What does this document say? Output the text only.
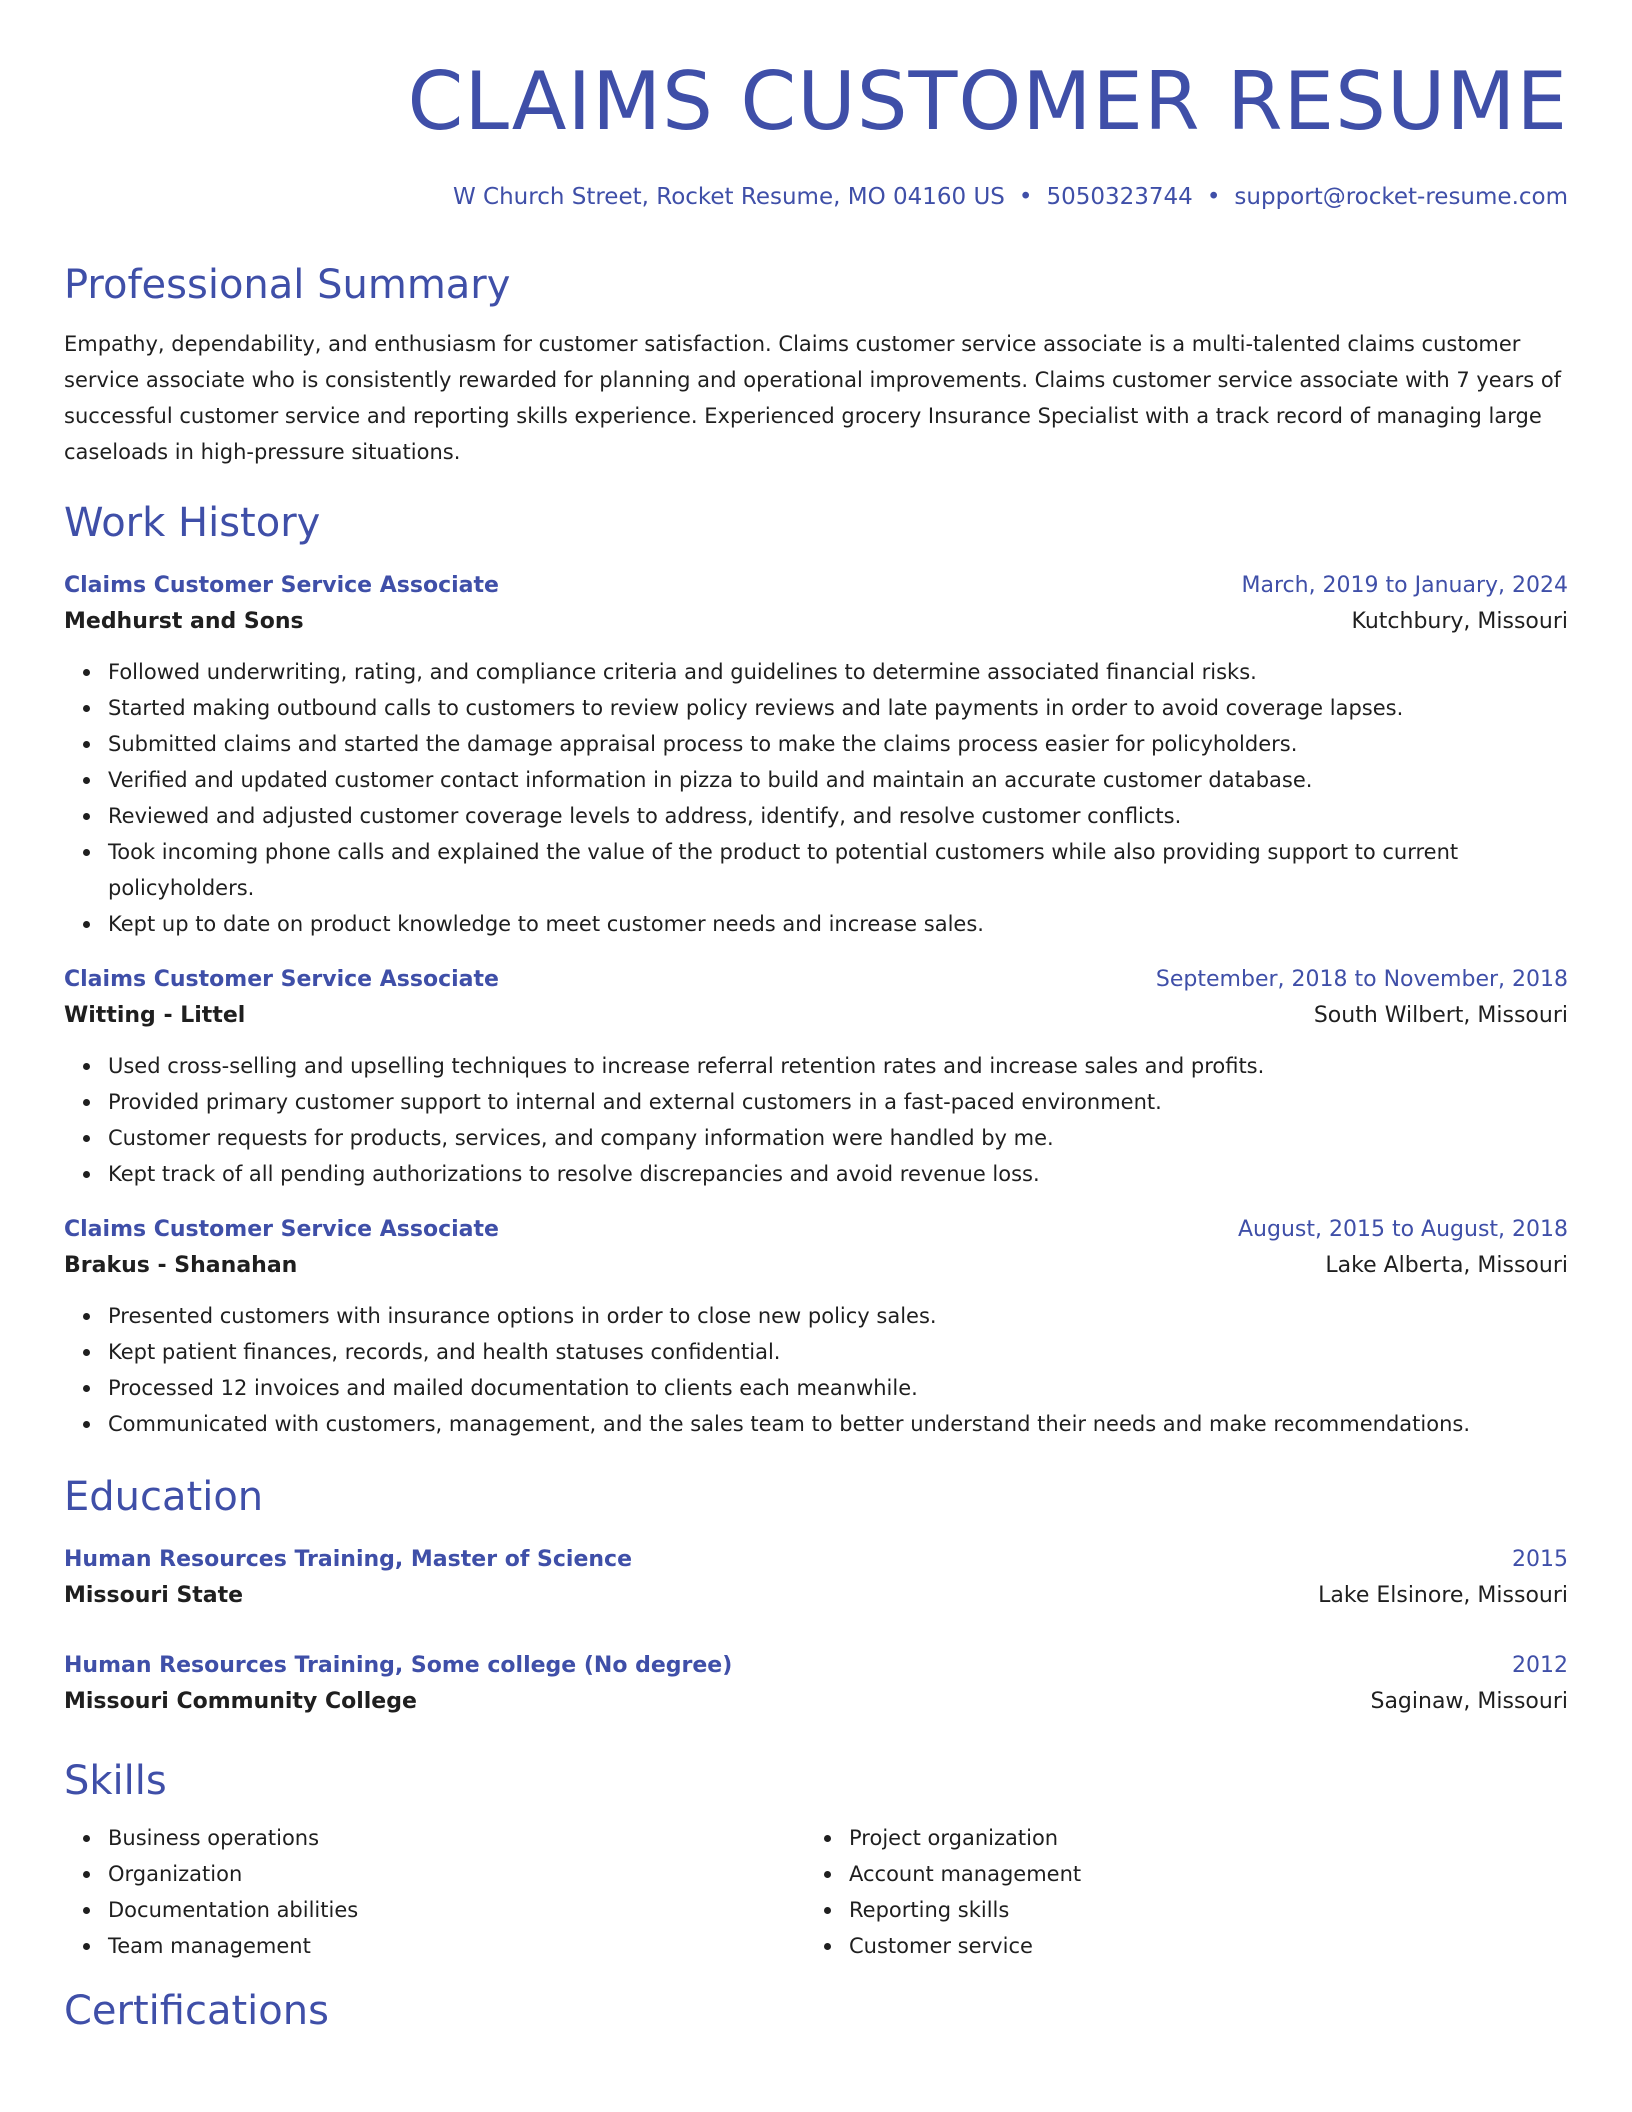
CLAIMS CUSTOMER RESUME
W Church Street, Rocket Resume, MO 04160 US • 5050323744 • support@rocket-resume.com
Professional Summary
Empathy, dependability, and enthusiasm for customer satisfaction. Claims customer service associate is a multi-talented claims customer service associate who is consistently rewarded for planning and operational improvements. Claims customer service associate with 7 years of successful customer service and reporting skills experience. Experienced grocery Insurance Specialist with a track record of managing large caseloads in high-pressure situations.
Work History
Claims Customer Service Associate	March, 2019 to January, 2024
Medhurst and Sons	Kutchbury, Missouri
Followed underwriting, rating, and compliance criteria and guidelines to determine associated financial risks.
Started making outbound calls to customers to review policy reviews and late payments in order to avoid coverage lapses.
Submitted claims and started the damage appraisal process to make the claims process easier for policyholders.
Verified and updated customer contact information in pizza to build and maintain an accurate customer database.
Reviewed and adjusted customer coverage levels to address, identify, and resolve customer conflicts.
Took incoming phone calls and explained the value of the product to potential customers while also providing support to current policyholders.
Kept up to date on product knowledge to meet customer needs and increase sales.
Claims Customer Service Associate	September, 2018 to November, 2018
Witting - Littel	South Wilbert, Missouri
Used cross-selling and upselling techniques to increase referral retention rates and increase sales and profits.
Provided primary customer support to internal and external customers in a fast-paced environment.
Customer requests for products, services, and company information were handled by me.
Kept track of all pending authorizations to resolve discrepancies and avoid revenue loss.
Claims Customer Service Associate	August, 2015 to August, 2018
Brakus - Shanahan	Lake Alberta, Missouri
Presented customers with insurance options in order to close new policy sales.
Kept patient finances, records, and health statuses confidential.
Processed 12 invoices and mailed documentation to clients each meanwhile.
Communicated with customers, management, and the sales team to better understand their needs and make recommendations.
Education
Human Resources Training, Master of Science	2015
Missouri State	Lake Elsinore, Missouri
Human Resources Training, Some college (No degree)	2012
Missouri Community College	Saginaw, Missouri
Skills
Business operations
Organization
Documentation abilities
Team management
Project organization
Account management
Reporting skills
Customer service
Certifications
